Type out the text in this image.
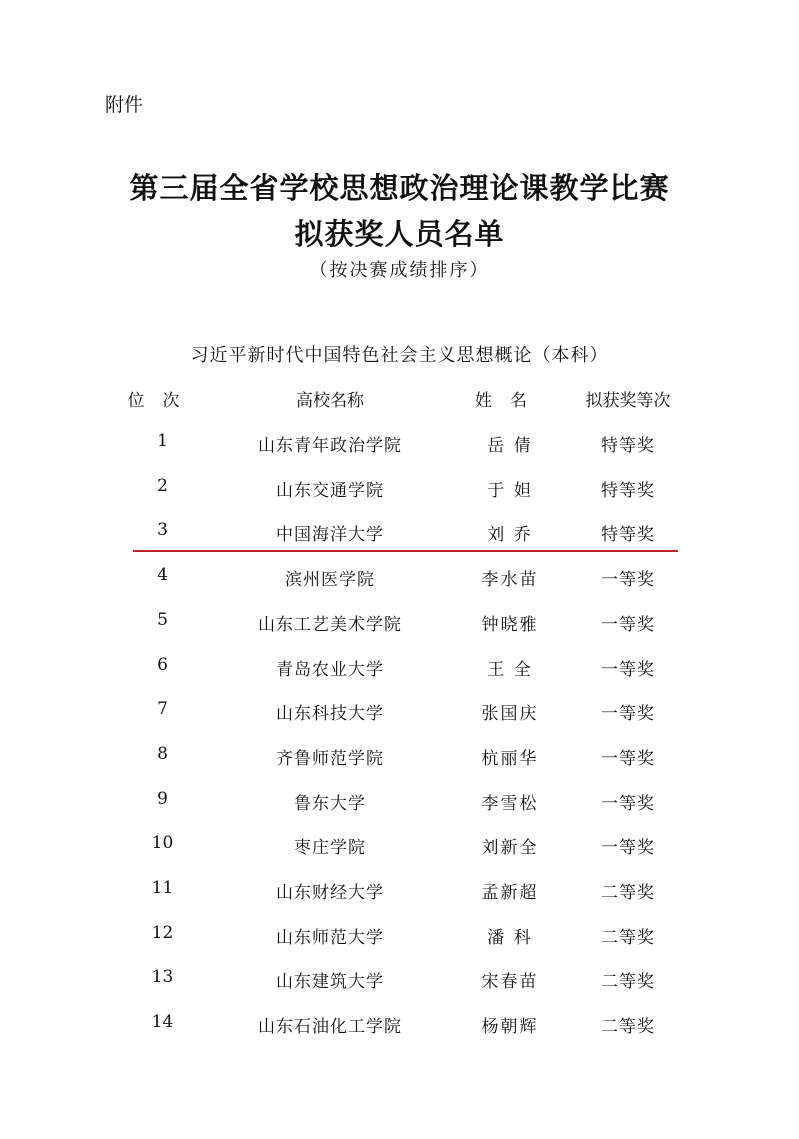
附件
第三届全省学校思想政治理论课教学比赛
拟获奖人员名单
（按决赛成绩排序）
习近平新时代中国特色社会主义思想概论（本科）
位次	高校名称	姓名	拟获奖等次
1	山东青年政治学院	岳 倩	特等奖
2	山东交通学院	于 妲	特等奖
3	中国海洋大学	刘 乔	特等奖
4	滨州医学院	李水苗	一等奖
5	山东工艺美术学院	钟晓雅	一等奖
6	青岛农业大学	王 全	一等奖
7	山东科技大学	张国庆	一等奖
8	齐鲁师范学院	杭丽华	一等奖
9	鲁东大学	李雪松	一等奖
10	枣庄学院	刘新全	一等奖
11	山东财经大学	孟新超	二等奖
12	山东师范大学	潘 科	二等奖
13	山东建筑大学	宋春苗	二等奖
14	山东石油化工学院	杨朝辉	二等奖
